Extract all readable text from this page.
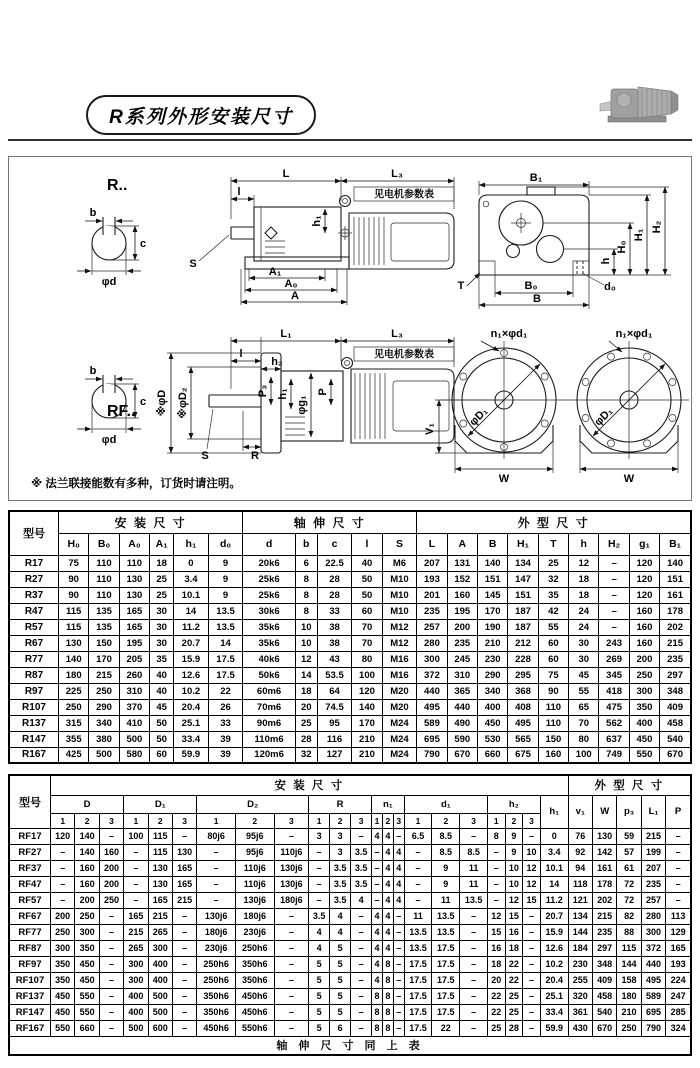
R系列外形安装尺寸
R..
b
c
φd
L	L₃
见电机参数表
l
h₁
S
A₁
A₀
A
B₁
H₂
H₁
H₀
h
T	d₀
B₀
B
RF..
b
c
φd
L₁	L₃
见电机参数表
l
h₂
※φD ※φD₂	P₃ h₁
φg₁
P
S	R
φD₁
n₁×φd₁
V₁
W
φD₁
n₁×φd₁
W
※ 法兰联接能数有多种，订货时请注明。
型号	安 装 尺 寸						轴 伸 尺 寸					外 型 尺 寸								
	H₀	B₀	A₀	A₁	h₁	d₀	d	b	c	l	S	L	A	B	H₁	T	h	H₂	g₁	B₁
R17	75	110	110	18	0	9	20k6	6	22.5	40	M6	207	131	140	134	25	12	–	120	140
R27	90	110	130	25	3.4	9	25k6	8	28	50	M10	193	152	151	147	32	18	–	120	151
R37	90	110	130	25	10.1	9	25k6	8	28	50	M10	201	160	145	151	35	18	–	120	161
R47	115	135	165	30	14	13.5	30k6	8	33	60	M10	235	195	170	187	42	24	–	160	178
R57	115	135	165	30	11.2	13.5	35k6	10	38	70	M12	257	200	190	187	55	24	–	160	202
R67	130	150	195	30	20.7	14	35k6	10	38	70	M12	280	235	210	212	60	30	243	160	215
R77	140	170	205	35	15.9	17.5	40k6	12	43	80	M16	300	245	230	228	60	30	269	200	235
R87	180	215	260	40	12.6	17.5	50k6	14	53.5	100	M16	372	310	290	295	75	45	345	250	297
R97	225	250	310	40	10.2	22	60m6	18	64	120	M20	440	365	340	368	90	55	418	300	348
R107	250	290	370	45	20.4	26	70m6	20	74.5	140	M20	495	440	400	408	110	65	475	350	409
R137	315	340	410	50	25.1	33	90m6	25	95	170	M24	589	490	450	495	110	70	562	400	458
R147	355	380	500	50	33.4	39	110m6	28	116	210	M24	695	590	530	565	150	80	637	450	540
R167	425	500	580	60	59.9	39	120m6	32	127	210	M24	790	670	660	675	160	100	749	550	670
型号	安 装 尺 寸																						外 型 尺 寸				
	D			D₁			D₂			R			n₁			d₁			h₂			h₁	v₁	W	p₃	L₁	P
	1	2	3	1	2	3	1	2	3	1	2	3	1	2	3	1	2	3	1	2	3						
RF17	120	140	–	100	115	–	80j6	95j6	–	3	3	–	4	4	–	6.5	8.5	–	8	9	–	0	76	130	59	215	–
RF27	–	140	160	–	115	130	–	95j6	110j6	–	3	3.5	–	4	4	–	8.5	8.5	–	9	10	3.4	92	142	57	199	–
RF37	–	160	200	–	130	165	–	110j6	130j6	–	3.5	3.5	–	4	4	–	9	11	–	10	12	10.1	94	161	61	207	–
RF47	–	160	200	–	130	165	–	110j6	130j6	–	3.5	3.5	–	4	4	–	9	11	–	10	12	14	118	178	72	235	–
RF57	–	200	250	–	165	215	–	130j6	180j6	–	3.5	4	–	4	4	–	11	13.5	–	12	15	11.2	121	202	72	257	–
RF67	200	250	–	165	215	–	130j6	180j6	–	3.5	4	–	4	4	–	11	13.5	–	12	15	–	20.7	134	215	82	280	113
RF77	250	300	–	215	265	–	180j6	230j6	–	4	4	–	4	4	–	13.5	13.5	–	15	16	–	15.9	144	235	88	300	129
RF87	300	350	–	265	300	–	230j6	250h6	–	4	5	–	4	4	–	13.5	17.5	–	16	18	–	12.6	184	297	115	372	165
RF97	350	450	–	300	400	–	250h6	350h6	–	5	5	–	4	8	–	17.5	17.5	–	18	22	–	10.2	230	348	144	440	193
RF107	350	450	–	300	400	–	250h6	350h6	–	5	5	–	4	8	–	17.5	17.5	–	20	22	–	20.4	255	409	158	495	224
RF137	450	550	–	400	500	–	350h6	450h6	–	5	5	–	8	8	–	17.5	17.5	–	22	25	–	25.1	320	458	180	589	247
RF147	450	550	–	400	500	–	350h6	450h6	–	5	5	–	8	8	–	17.5	17.5	–	22	25	–	33.4	361	540	210	695	285
RF167	550	660	–	500	600	–	450h6	550h6	–	5	6	–	8	8	–	17.5	22	–	25	28	–	59.9	430	670	250	790	324
轴 伸 尺 寸 同 上 表																											
